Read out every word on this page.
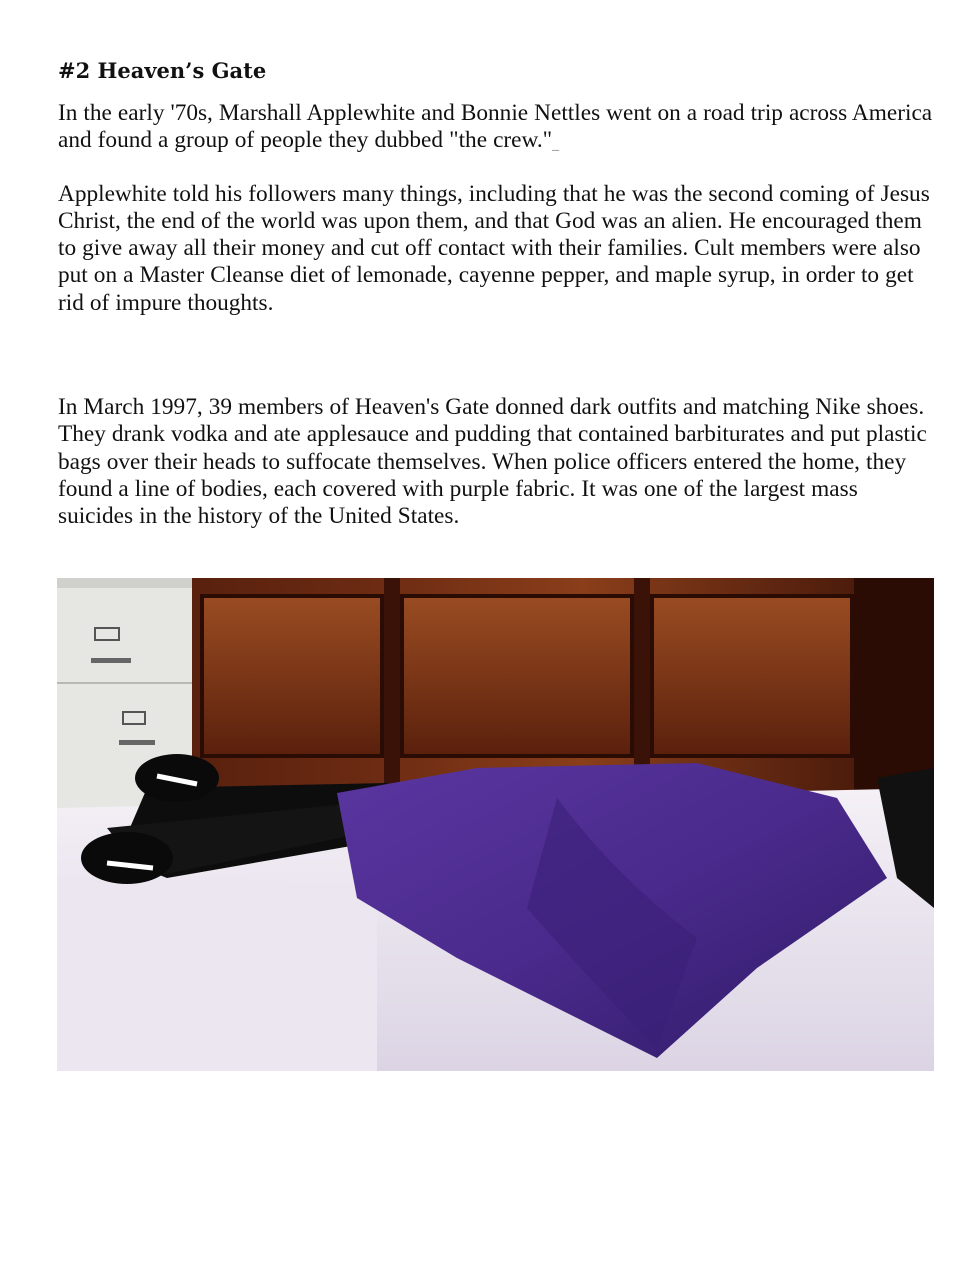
#2 Heaven’s Gate

In the early '70s, Marshall Applewhite and Bonnie Nettles went on a road trip across America and found a group of people they dubbed "the crew."_

Applewhite told his followers many things, including that he was the second coming of Jesus Christ, the end of the world was upon them, and that God was an alien. He encouraged them to give away all their money and cut off contact with their families. Cult members were also put on a Master Cleanse diet of lemonade, cayenne pepper, and maple syrup, in order to get rid of impure thoughts.

In March 1997, 39 members of Heaven's Gate donned dark outfits and matching Nike shoes. They drank vodka and ate applesauce and pudding that contained barbiturates and put plastic bags over their heads to suffocate themselves. When police officers entered the home, they found a line of bodies, each covered with purple fabric. It was one of the largest mass suicides in the history of the United States.
